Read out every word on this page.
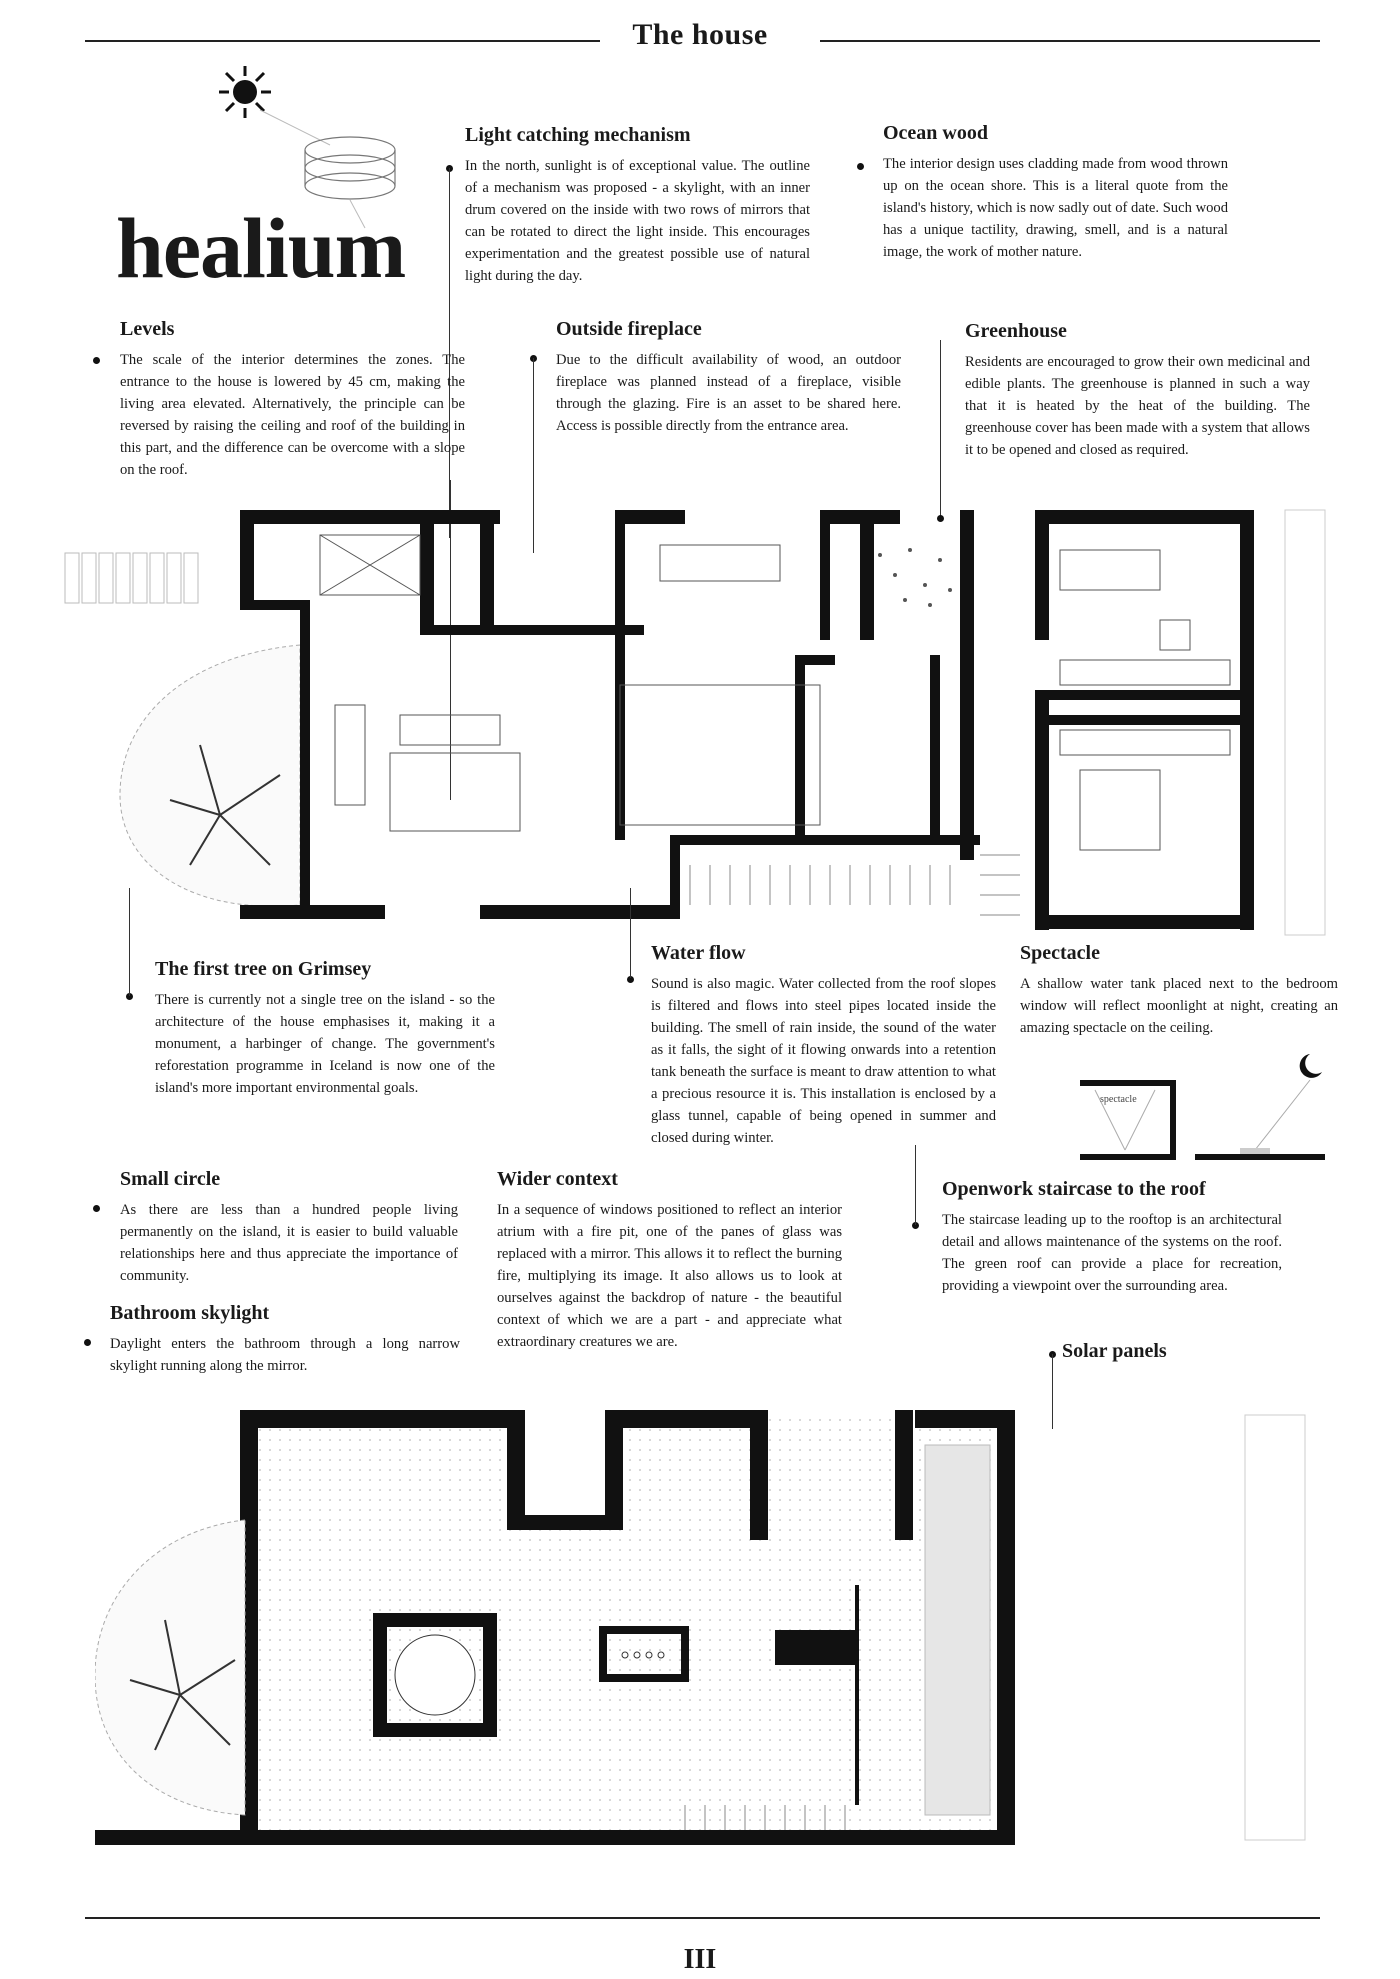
The house
healium
Light catching mechanism

In the north, sunlight is of exceptional value. The outline of a mechanism was proposed - a skylight, with an inner drum covered on the inside with two rows of mirrors that can be rotated to direct the light inside. This encourages experimentation and the greatest possible use of natural light during the day.

Ocean wood

The interior design uses cladding made from wood thrown up on the ocean shore. This is a literal quote from the island's history, which is now sadly out of date. Such wood has a unique tactility, drawing, smell, and is a natural image, the work of mother nature.

Levels

The scale of the interior determines the zones. The entrance to the house is lowered by 45 cm, making the living area elevated. Alternatively, the principle can be reversed by raising the ceiling and roof of the building in this part, and the difference can be overcome with a slope on the roof.

Outside fireplace

Due to the difficult availability of wood, an outdoor fireplace was planned instead of a fireplace, visible through the glazing. Fire is an asset to be shared here. Access is possible directly from the entrance area.

Greenhouse

Residents are encouraged to grow their own medicinal and edible plants. The greenhouse is planned in such a way that it is heated by the heat of the building. The greenhouse cover has been made with a system that allows it to be opened and closed as required.

The first tree on Grimsey

There is currently not a single tree on the island - so the architecture of the house emphasises it, making it a monument, a harbinger of change. The government's reforestation programme in Iceland is now one of the island's more important environmental goals.

Water flow

Sound is also magic. Water collected from the roof slopes is filtered and flows into steel pipes located inside the building. The smell of rain inside, the sound of the water as it falls, the sight of it flowing onwards into a retention tank beneath the surface is meant to draw attention to what a precious resource it is. This installation is enclosed by a glass tunnel, capable of being opened in summer and closed during winter.

Spectacle

A shallow water tank placed next to the bedroom window will reflect moonlight at night, creating an amazing spectacle on the ceiling.

spectacle
Small circle

As there are less than a hundred people living permanently on the island, it is easier to build valuable relationships here and thus appreciate the importance of community.

Wider context

In a sequence of windows positioned to reflect an interior atrium with a fire pit, one of the panes of glass was replaced with a mirror. This allows it to reflect the burning fire, multiplying its image. It also allows us to look at ourselves against the backdrop of nature - the beautiful context of which we are a part - and appreciate what extraordinary creatures we are.

Openwork staircase to the roof

The staircase leading up to the rooftop is an architectural detail and allows maintenance of the systems on the roof. The green roof can provide a place for recreation, providing a viewpoint over the surrounding area.

Bathroom skylight

Daylight enters the bathroom through a long narrow skylight running along the mirror.

Solar panels
III
